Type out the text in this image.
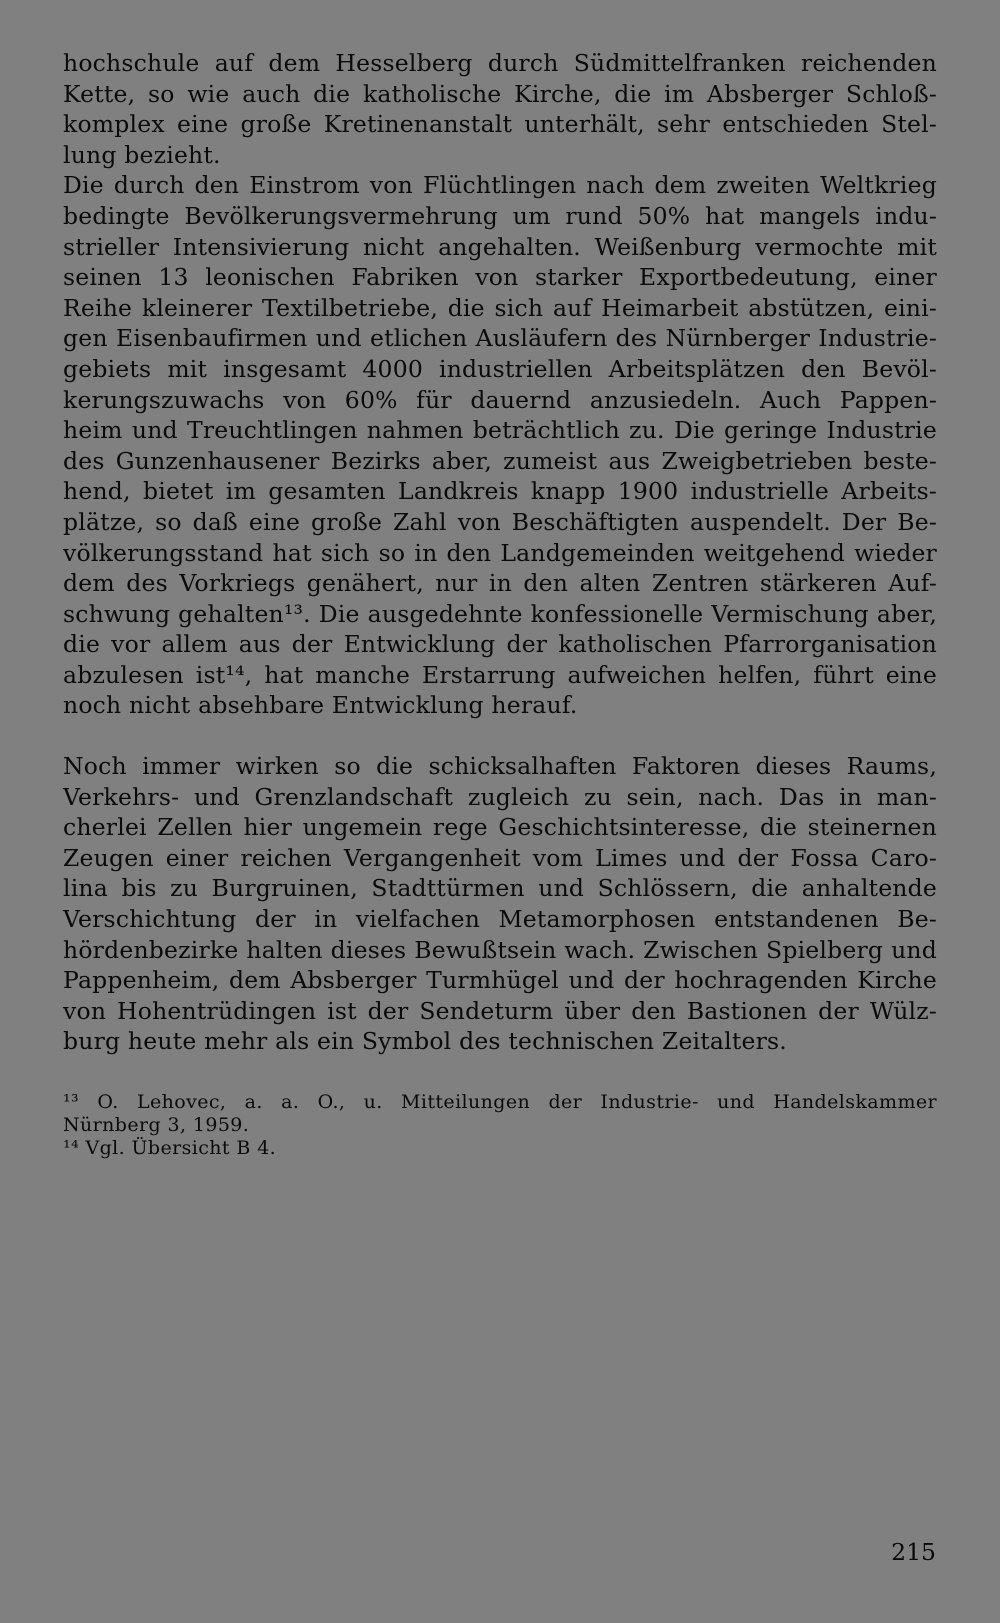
hochschule auf dem Hesselberg durch Südmittelfranken reichenden
Kette, so wie auch die katholische Kirche, die im Absberger Schloß-
komplex eine große Kretinenanstalt unterhält, sehr entschieden Stel-
lung bezieht.
Die durch den Einstrom von Flüchtlingen nach dem zweiten Weltkrieg
bedingte Bevölkerungsvermehrung um rund 50% hat mangels indu-
strieller Intensivierung nicht angehalten. Weißenburg vermochte mit
seinen 13 leonischen Fabriken von starker Exportbedeutung, einer
Reihe kleinerer Textilbetriebe, die sich auf Heimarbeit abstützen, eini-
gen Eisenbaufirmen und etlichen Ausläufern des Nürnberger Industrie-
gebiets mit insgesamt 4000 industriellen Arbeitsplätzen den Bevöl-
kerungszuwachs von 60% für dauernd anzusiedeln. Auch Pappen-
heim und Treuchtlingen nahmen beträchtlich zu. Die geringe Industrie
des Gunzenhausener Bezirks aber, zumeist aus Zweigbetrieben beste-
hend, bietet im gesamten Landkreis knapp 1900 industrielle Arbeits-
plätze, so daß eine große Zahl von Beschäftigten auspendelt. Der Be-
völkerungsstand hat sich so in den Landgemeinden weitgehend wieder
dem des Vorkriegs genähert, nur in den alten Zentren stärkeren Auf-
schwung gehalten¹³. Die ausgedehnte konfessionelle Vermischung aber,
die vor allem aus der Entwicklung der katholischen Pfarrorganisation
abzulesen ist¹⁴, hat manche Erstarrung aufweichen helfen, führt eine
noch nicht absehbare Entwicklung herauf.
Noch immer wirken so die schicksalhaften Faktoren dieses Raums,
Verkehrs- und Grenzlandschaft zugleich zu sein, nach. Das in man-
cherlei Zellen hier ungemein rege Geschichtsinteresse, die steinernen
Zeugen einer reichen Vergangenheit vom Limes und der Fossa Caro-
lina bis zu Burgruinen, Stadttürmen und Schlössern, die anhaltende
Verschichtung der in vielfachen Metamorphosen entstandenen Be-
hördenbezirke halten dieses Bewußtsein wach. Zwischen Spielberg und
Pappenheim, dem Absberger Turmhügel und der hochragenden Kirche
von Hohentrüdingen ist der Sendeturm über den Bastionen der Wülz-
burg heute mehr als ein Symbol des technischen Zeitalters.
¹³ O. Lehovec, a. a. O., u. Mitteilungen der Industrie- und Handelskammer
Nürnberg 3, 1959.
¹⁴ Vgl. Übersicht B 4.
215
